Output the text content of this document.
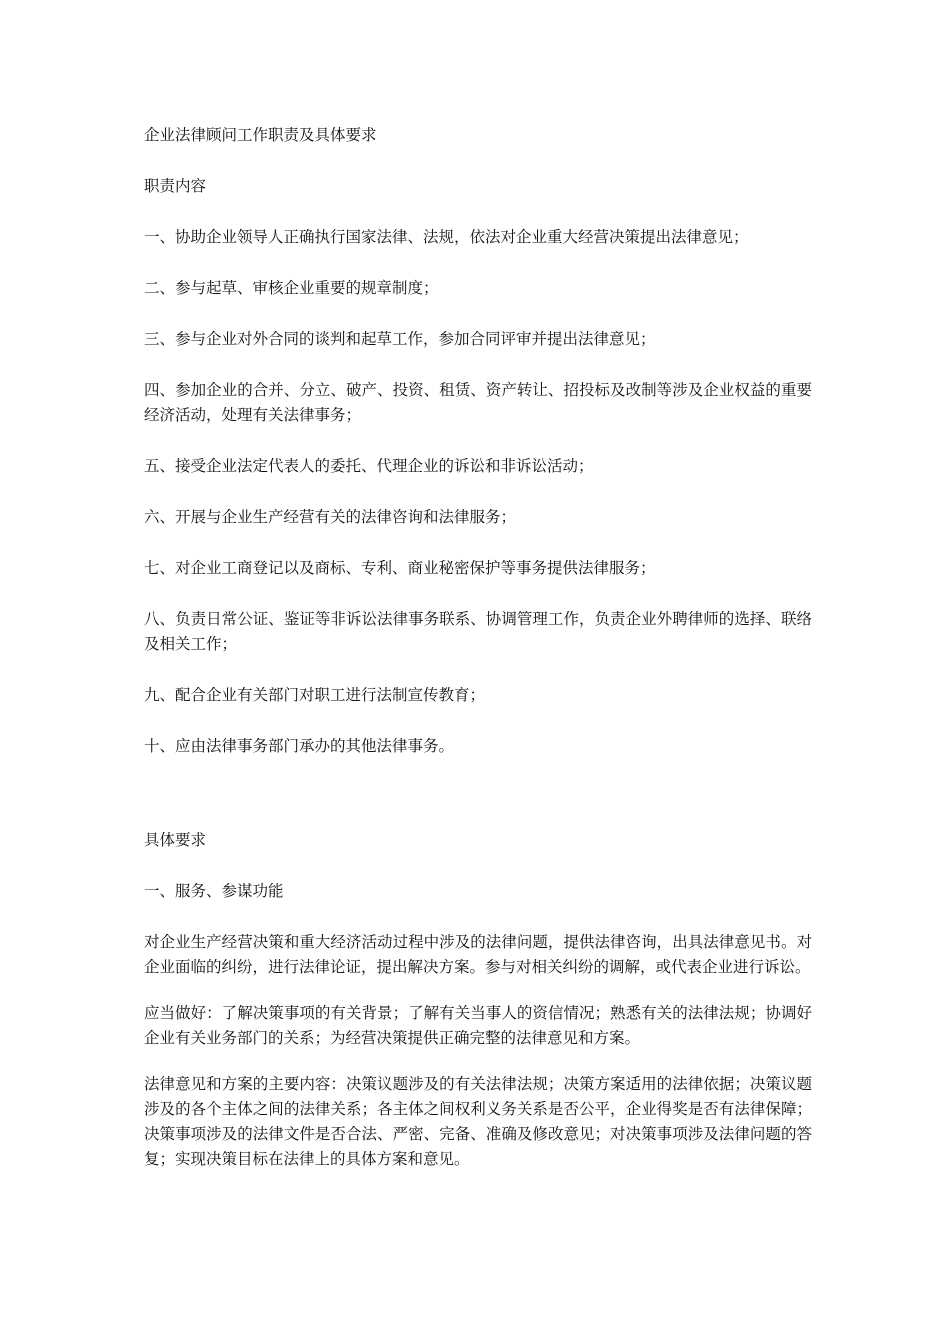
企业法律顾问工作职责及具体要求

职责内容

一、协助企业领导人正确执行国家法律、法规，依法对企业重大经营决策提出法律意见；

二、参与起草、审核企业重要的规章制度；

三、参与企业对外合同的谈判和起草工作，参加合同评审并提出法律意见；

四、参加企业的合并、分立、破产、投资、租赁、资产转让、招投标及改制等涉及企业权益的重要经济活动，处理有关法律事务；

五、接受企业法定代表人的委托、代理企业的诉讼和非诉讼活动；

六、开展与企业生产经营有关的法律咨询和法律服务；

七、对企业工商登记以及商标、专利、商业秘密保护等事务提供法律服务；

八、负责日常公证、鉴证等非诉讼法律事务联系、协调管理工作，负责企业外聘律师的选择、联络及相关工作；

九、配合企业有关部门对职工进行法制宣传教育；

十、应由法律事务部门承办的其他法律事务。

具体要求

一、服务、参谋功能

对企业生产经营决策和重大经济活动过程中涉及的法律问题，提供法律咨询，出具法律意见书。对企业面临的纠纷，进行法律论证，提出解决方案。参与对相关纠纷的调解，或代表企业进行诉讼。

应当做好：了解决策事项的有关背景；了解有关当事人的资信情况；熟悉有关的法律法规；协调好企业有关业务部门的关系；为经营决策提供正确完整的法律意见和方案。

法律意见和方案的主要内容：决策议题涉及的有关法律法规；决策方案适用的法律依据；决策议题涉及的各个主体之间的法律关系；各主体之间权利义务关系是否公平，企业得奖是否有法律保障；决策事项涉及的法律文件是否合法、严密、完备、准确及修改意见；对决策事项涉及法律问题的答复；实现决策目标在法律上的具体方案和意见。
